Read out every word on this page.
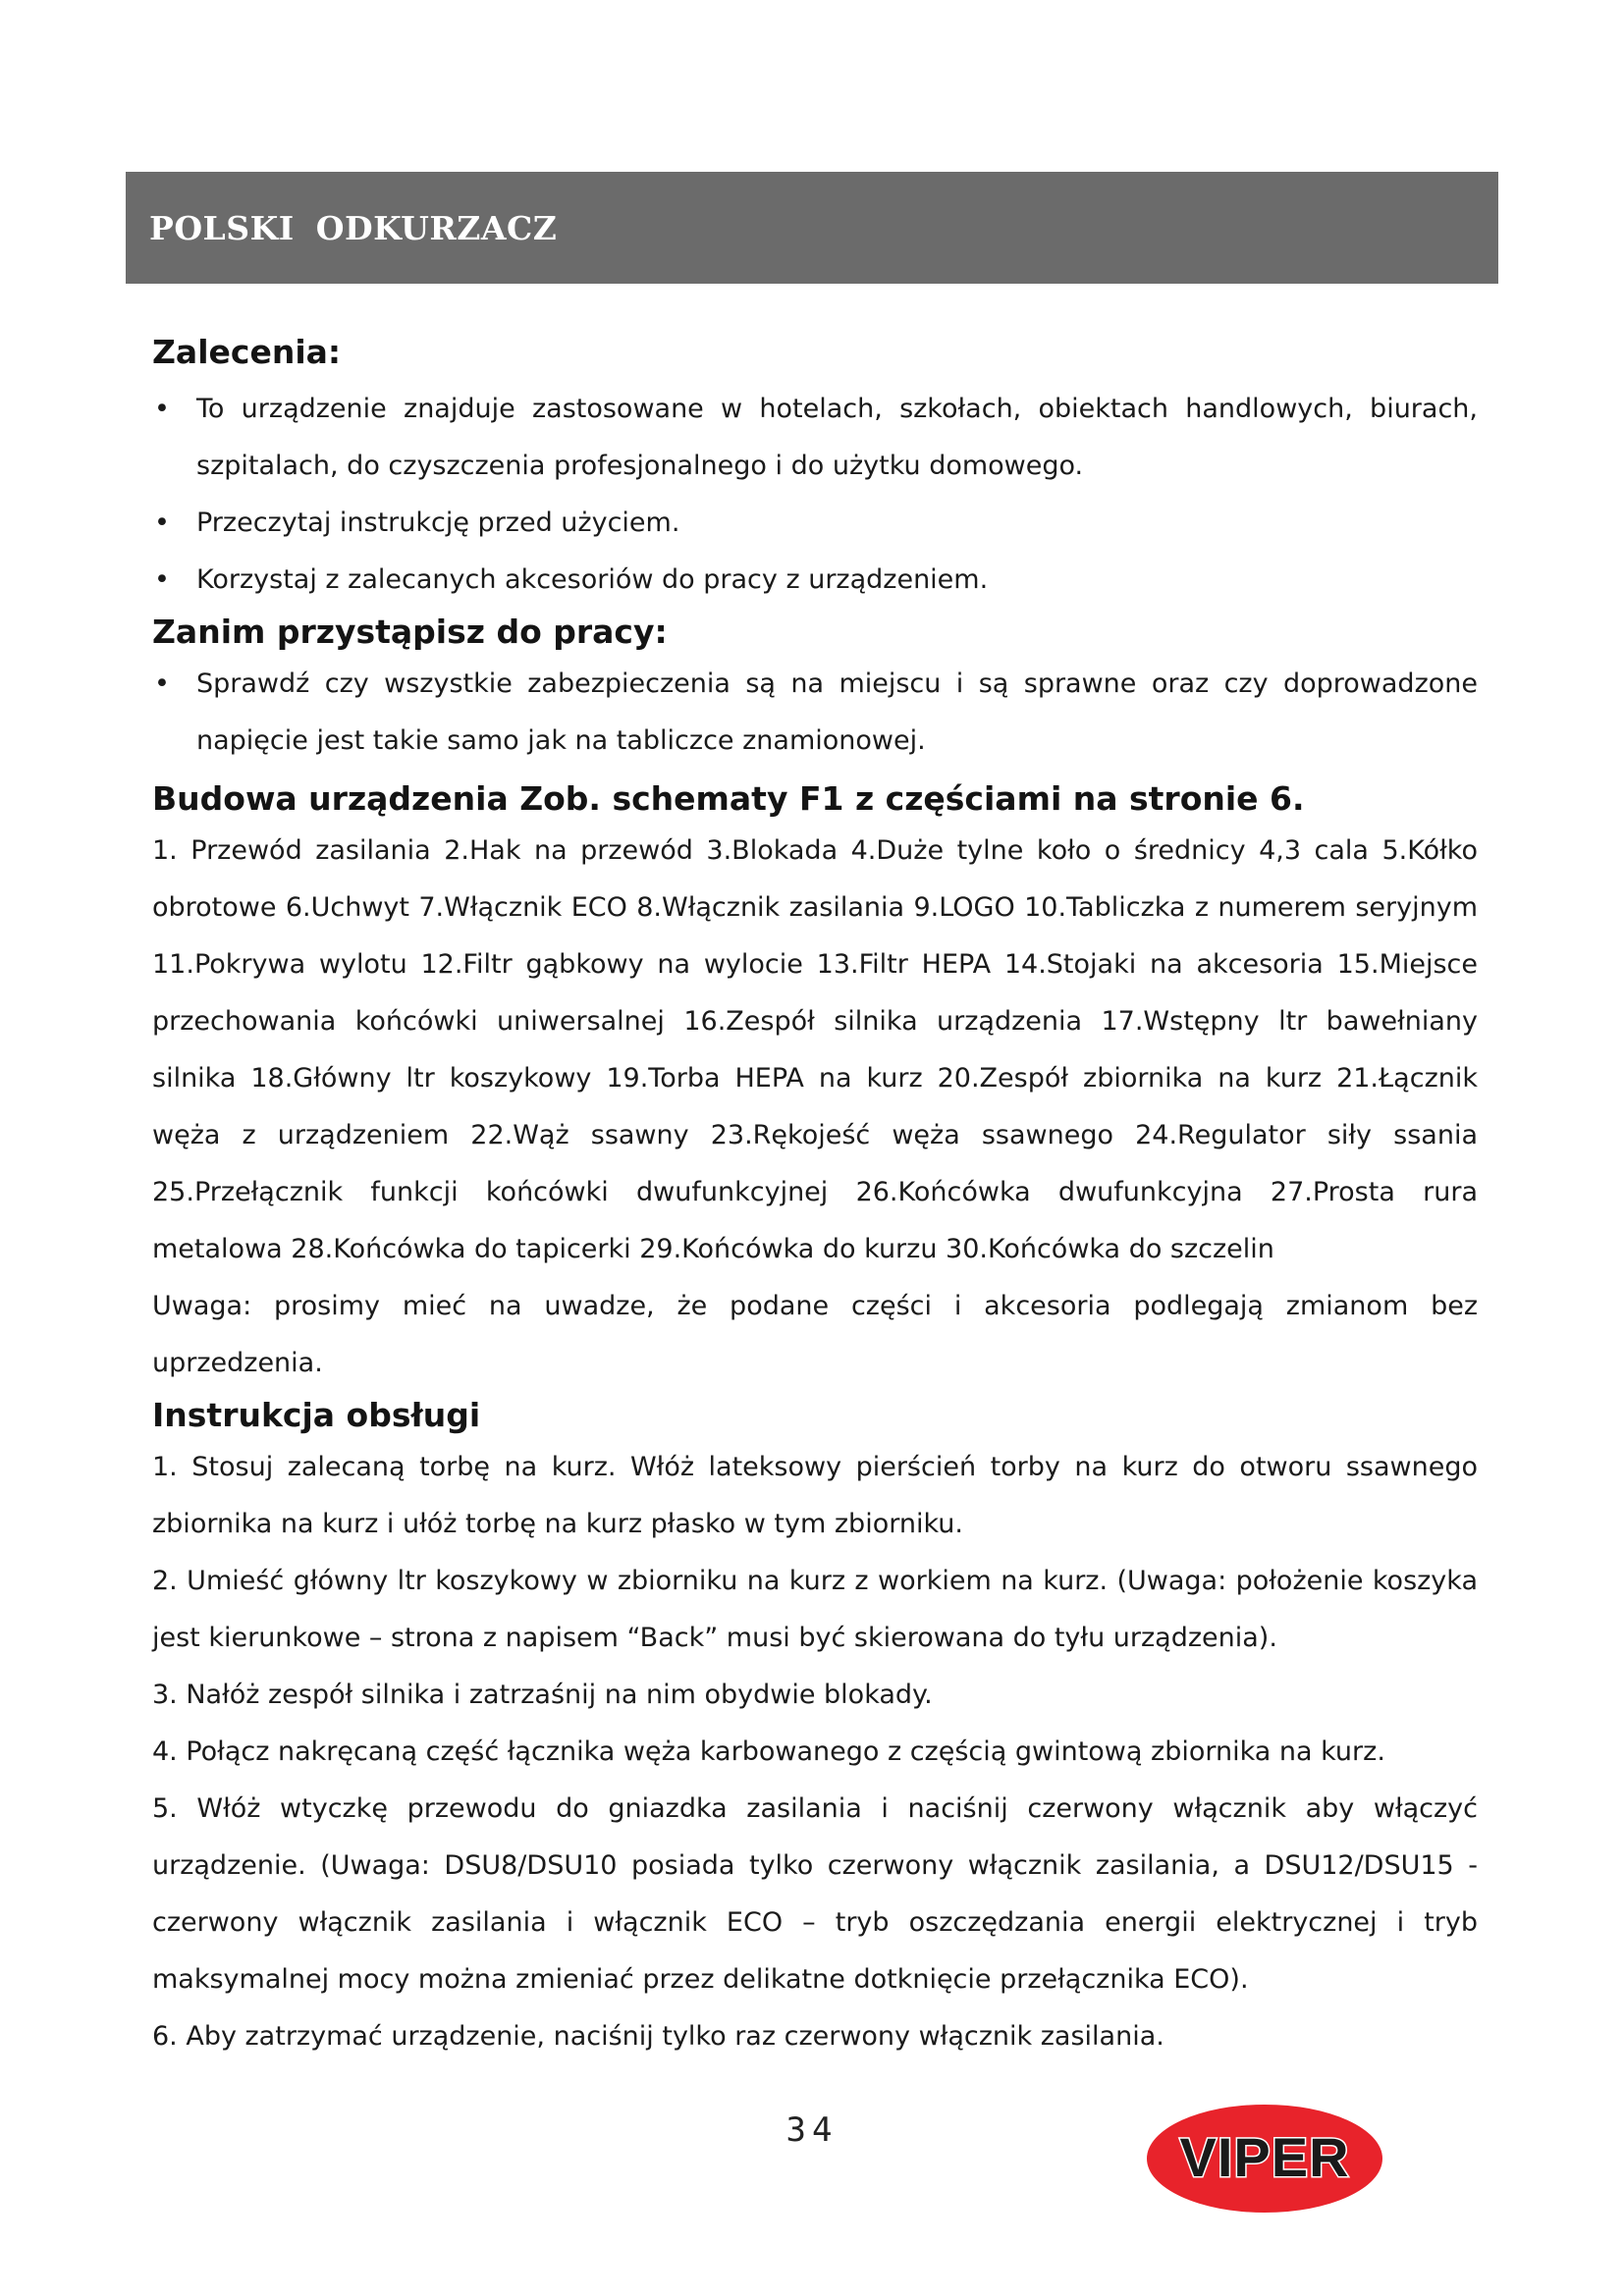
POLSKI ODKURZACZ
Zalecenia:
• To urządzenie znajduje zastosowane w hotelach, szkołach, obiektach handlowych, biurach, szpitalach, do czyszczenia profesjonalnego i do użytku domowego.
• Przeczytaj instrukcję przed użyciem.
• Korzystaj z zalecanych akcesoriów do pracy z urządzeniem.
Zanim przystąpisz do pracy:
• Sprawdź czy wszystkie zabezpieczenia są na miejscu i są sprawne oraz czy doprowadzone napięcie jest takie samo jak na tabliczce znamionowej.
Budowa urządzenia Zob. schematy F1 z częściami na stronie 6.

1. Przewód zasilania 2.Hak na przewód 3.Blokada 4.Duże tylne koło o średnicy 4,3 cala 5.Kółko obrotowe 6.Uchwyt 7.Włącznik ECO 8.Włącznik zasilania 9.LOGO 10.Tabliczka z numerem seryjnym 11.Pokrywa wylotu 12.Filtr gąbkowy na wylocie 13.Filtr HEPA 14.Stojaki na akcesoria 15.Miejsce przechowania końcówki uniwersalnej 16.Zespół silnika urządzenia 17.Wstępny ltr bawełniany silnika 18.Główny ltr koszykowy 19.Torba HEPA na kurz 20.Zespół zbiornika na kurz 21.Łącznik węża z urządzeniem 22.Wąż ssawny 23.Rękojeść węża ssawnego 24.Regulator siły ssania 25.Przełącznik funkcji końcówki dwufunkcyjnej 26.Końcówka dwufunkcyjna 27.Prosta rura metalowa 28.Końcówka do tapicerki 29.Końcówka do kurzu 30.Końcówka do szczelin

Uwaga: prosimy mieć na uwadze, że podane części i akcesoria podlegają zmianom bez uprzedzenia.

Instrukcja obsługi

1. Stosuj zalecaną torbę na kurz. Włóż lateksowy pierścień torby na kurz do otworu ssawnego zbiornika na kurz i ułóż torbę na kurz płasko w tym zbiorniku.

2. Umieść główny ltr koszykowy w zbiorniku na kurz z workiem na kurz. (Uwaga: położenie koszyka jest kierunkowe – strona z napisem “Back” musi być skierowana do tyłu urządzenia).

3. Nałóż zespół silnika i zatrzaśnij na nim obydwie blokady.

4. Połącz nakręcaną część łącznika węża karbowanego z częścią gwintową zbiornika na kurz.

5. Włóż wtyczkę przewodu do gniazdka zasilania i naciśnij czerwony włącznik aby włączyć urządzenie. (Uwaga: DSU8/DSU10 posiada tylko czerwony włącznik zasilania, a DSU12/DSU15 - czerwony włącznik zasilania i włącznik ECO – tryb oszczędzania energii elektrycznej i tryb maksymalnej mocy można zmieniać przez delikatne dotknięcie przełącznika ECO).

6. Aby zatrzymać urządzenie, naciśnij tylko raz czerwony włącznik zasilania.

34	VIPER
